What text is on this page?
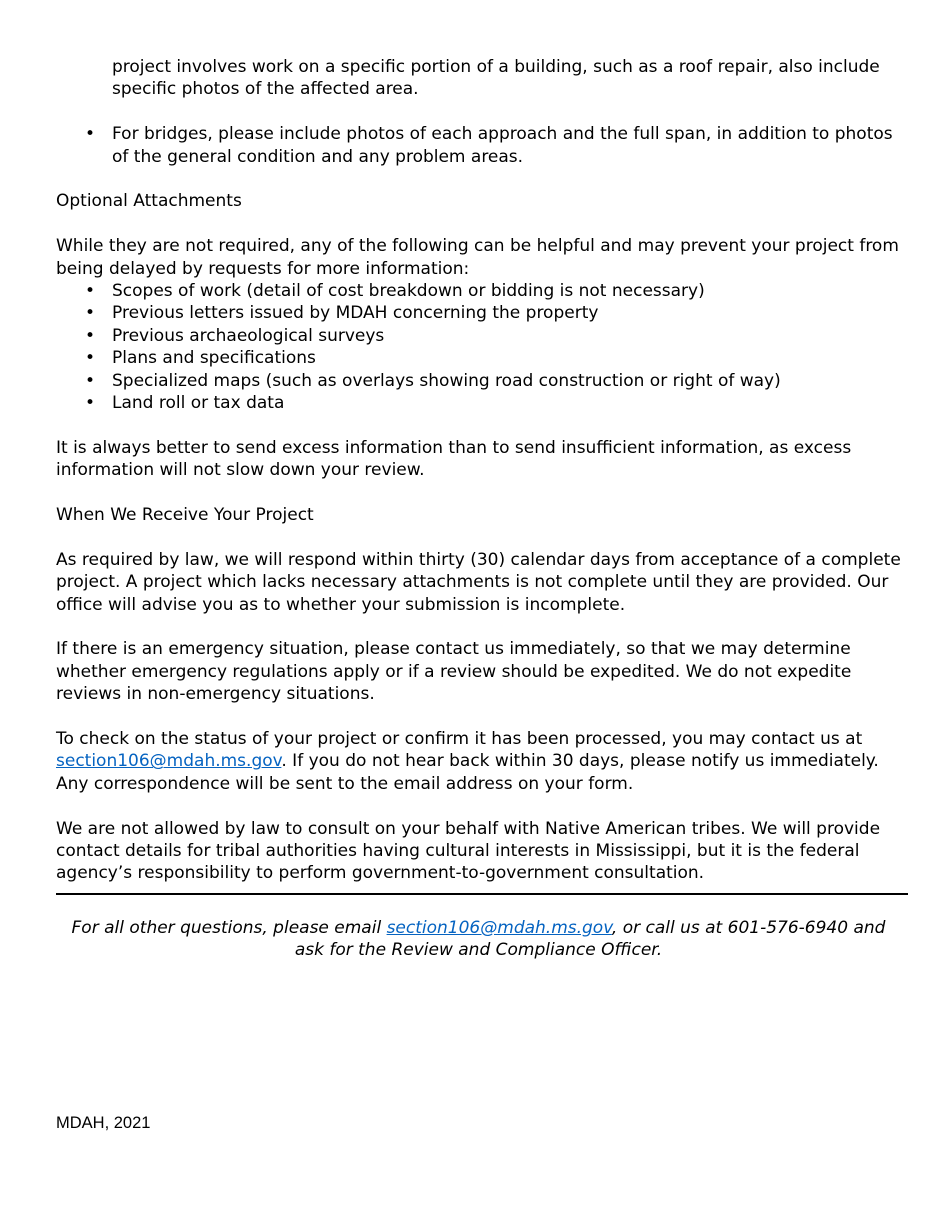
project involves work on a specific portion of a building, such as a roof repair, also include specific photos of the affected area.
• For bridges, please include photos of each approach and the full span, in addition to photos of the general condition and any problem areas.

Optional Attachments

While they are not required, any of the following can be helpful and may prevent your project from being delayed by requests for more information:

• Scopes of work (detail of cost breakdown or bidding is not necessary)
• Previous letters issued by MDAH concerning the property
• Previous archaeological surveys
• Plans and specifications
• Specialized maps (such as overlays showing road construction or right of way)
• Land roll or tax data

It is always better to send excess information than to send insufficient information, as excess information will not slow down your review.

When We Receive Your Project

As required by law, we will respond within thirty (30) calendar days from acceptance of a complete project. A project which lacks necessary attachments is not complete until they are provided. Our office will advise you as to whether your submission is incomplete.

If there is an emergency situation, please contact us immediately, so that we may determine whether emergency regulations apply or if a review should be expedited. We do not expedite reviews in non-emergency situations.

To check on the status of your project or confirm it has been processed, you may contact us at section106@mdah.ms.gov. If you do not hear back within 30 days, please notify us immediately. Any correspondence will be sent to the email address on your form.

We are not allowed by law to consult on your behalf with Native American tribes. We will provide contact details for tribal authorities having cultural interests in Mississippi, but it is the federal agency’s responsibility to perform government-to-government consultation.

For all other questions, please email section106@mdah.ms.gov, or call us at 601-576-6940 and ask for the Review and Compliance Officer.

MDAH, 2021
